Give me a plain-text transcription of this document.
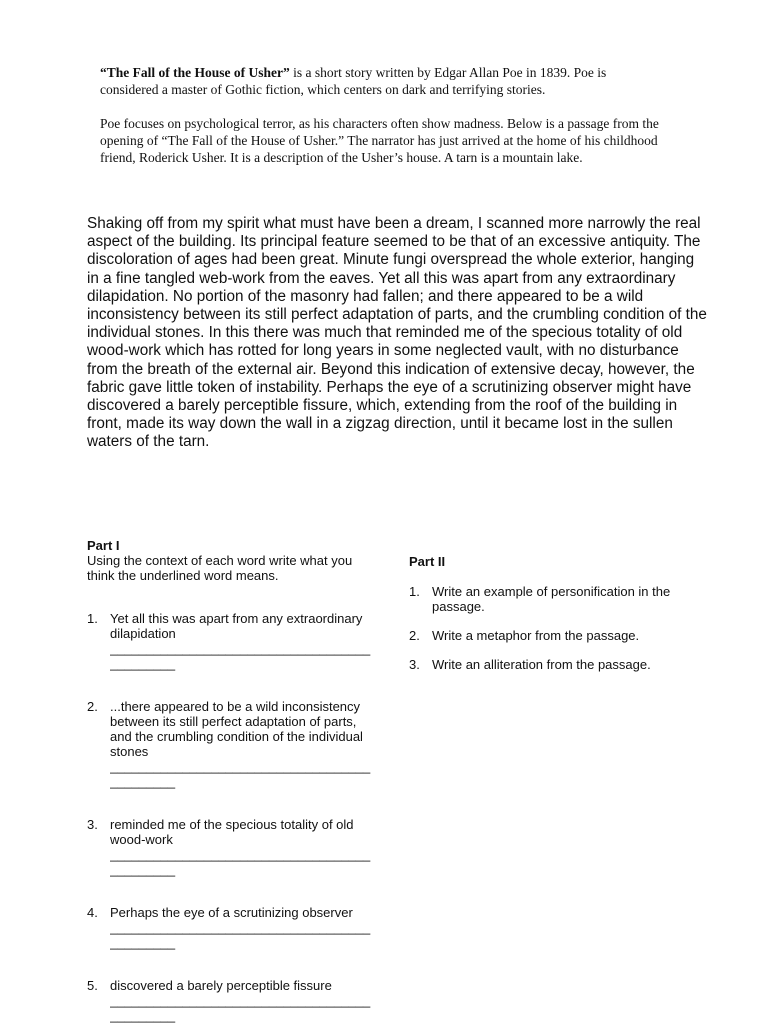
“The Fall of the House of Usher” is a short story written by Edgar Allan Poe in 1839. Poe is considered a master of Gothic fiction, which centers on dark and terrifying stories.

Poe focuses on psychological terror, as his characters often show madness. Below is a passage from the opening of “The Fall of the House of Usher.” The narrator has just arrived at the home of his childhood friend, Roderick Usher. It is a description of the Usher’s house. A tarn is a mountain lake.

Shaking off from my spirit what must have been a dream, I scanned more narrowly the real aspect of the building. Its principal feature seemed to be that of an excessive antiquity. The discoloration of ages had been great. Minute fungi overspread the whole exterior, hanging in a fine tangled web-work from the eaves. Yet all this was apart from any extraordinary dilapidation. No portion of the masonry had fallen; and there appeared to be a wild inconsistency between its still perfect adaptation of parts, and the crumbling condition of the individual stones. In this there was much that reminded me of the specious totality of old wood-work which has rotted for long years in some neglected vault, with no disturbance from the breath of the external air. Beyond this indication of extensive decay, however, the fabric gave little token of instability. Perhaps the eye of a scrutinizing observer might have discovered a barely perceptible fissure, which, extending from the roof of the building in front, made its way down the wall in a zigzag direction, until it became lost in the sullen waters of the tarn.

Part I

Using the context of each word write what you think the underlined word means.

1. Yet all this was apart from any extraordinary dilapidation
____________________________________
_________
2. ...there appeared to be a wild inconsistency between its still perfect adaptation of parts, and the crumbling condition of the individual stones
____________________________________
_________
3. reminded me of the specious totality of old wood-work
____________________________________
_________
4. Perhaps the eye of a scrutinizing observer
____________________________________
_________
5. discovered a barely perceptible fissure
____________________________________
_________

Part II

1. Write an example of personification in the passage.
2. Write a metaphor from the passage.
3. Write an alliteration from the passage.
